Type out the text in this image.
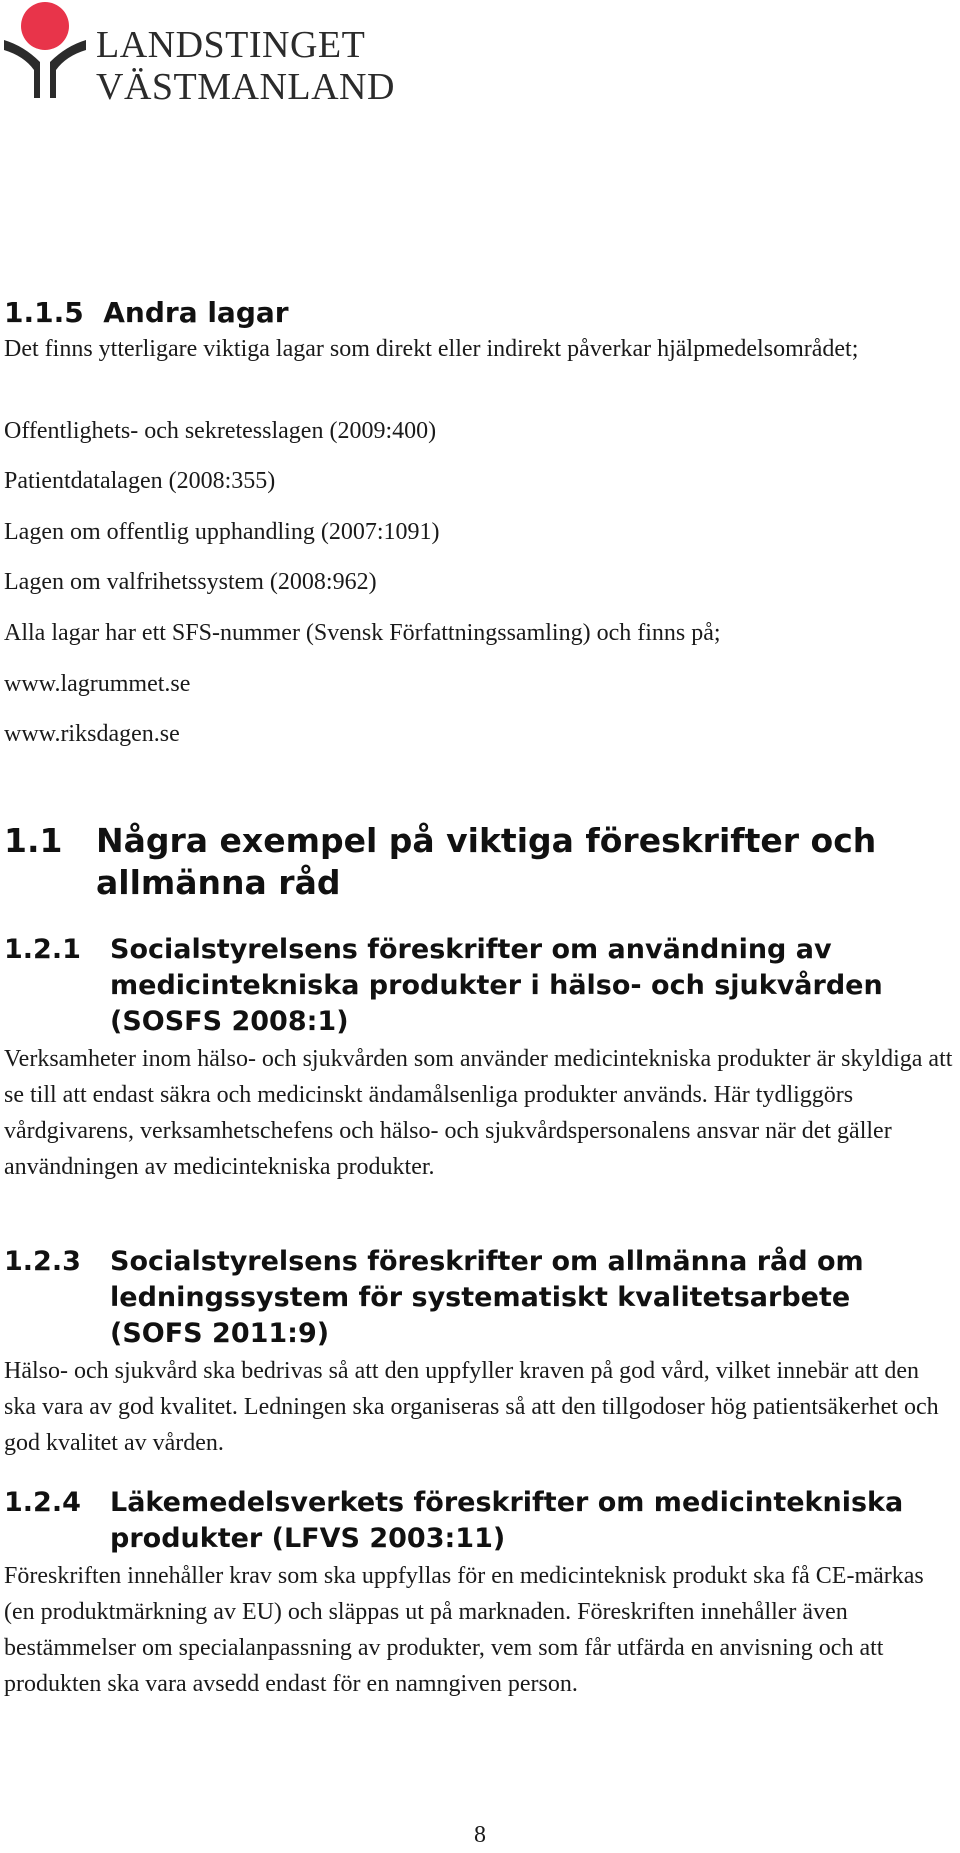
LANDSTINGET
VÄSTMANLAND
1.1.5 Andra lagar

Det finns ytterligare viktiga lagar som direkt eller indirekt påverkar hjälpmedelsområdet;

Offentlighets- och sekretesslagen (2009:400)
Patientdatalagen (2008:355)
Lagen om offentlig upphandling (2007:1091)
Lagen om valfrihetssystem (2008:962)
Alla lagar har ett SFS-nummer (Svensk Författningssamling) och finns på;
www.lagrummet.se
www.riksdagen.se
1.1 Några exempel på viktiga föreskrifter och allmänna råd
1.2.1 Socialstyrelsens föreskrifter om användning av medicintekniska produkter i hälso- och sjukvården (SOSFS 2008:1)

Verksamheter inom hälso- och sjukvården som använder medicintekniska produkter är skyldiga att se till att endast säkra och medicinskt ändamålsenliga produkter används. Här tydliggörs vårdgivarens, verksamhetschefens och hälso- och sjukvårdspersonalens ansvar när det gäller användningen av medicintekniska produkter.

1.2.3 Socialstyrelsens föreskrifter om allmänna råd om ledningssystem för systematiskt kvalitetsarbete (SOFS 2011:9)

Hälso- och sjukvård ska bedrivas så att den uppfyller kraven på god vård, vilket innebär att den ska vara av god kvalitet. Ledningen ska organiseras så att den tillgodoser hög patientsäkerhet och god kvalitet av vården.

1.2.4 Läkemedelsverkets föreskrifter om medicintekniska produkter (LFVS 2003:11)

Föreskriften innehåller krav som ska uppfyllas för en medicinteknisk produkt ska få CE-märkas (en produktmärkning av EU) och släppas ut på marknaden. Föreskriften innehåller även bestämmelser om specialanpassning av produkter, vem som får utfärda en anvisning och att produkten ska vara avsedd endast för en namngiven person.

8
